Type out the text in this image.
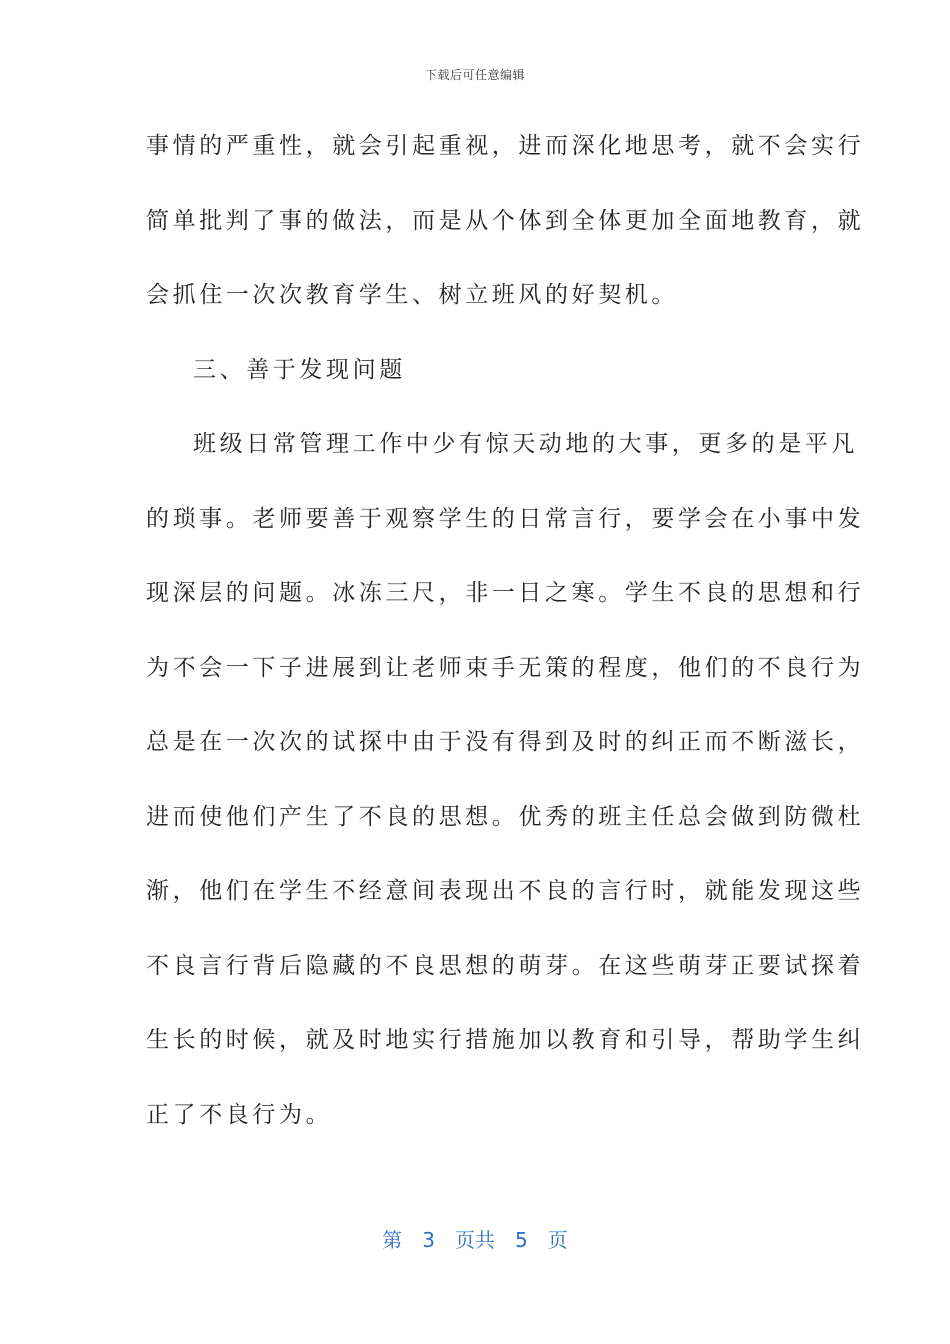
下载后可任意编辑
事情的严重性，就会引起重视，进而深化地思考，就不会实行
简单批判了事的做法，而是从个体到全体更加全面地教育，就
会抓住一次次教育学生、树立班风的好契机。
三、善于发现问题
班级日常管理工作中少有惊天动地的大事，更多的是平凡
的琐事。老师要善于观察学生的日常言行，要学会在小事中发
现深层的问题。冰冻三尺，非一日之寒。学生不良的思想和行
为不会一下子进展到让老师束手无策的程度，他们的不良行为
总是在一次次的试探中由于没有得到及时的纠正而不断滋长，
进而使他们产生了不良的思想。优秀的班主任总会做到防微杜
渐，他们在学生不经意间表现出不良的言行时，就能发现这些
不良言行背后隐藏的不良思想的萌芽。在这些萌芽正要试探着
生长的时候，就及时地实行措施加以教育和引导，帮助学生纠
正了不良行为。
第 3 页共 5 页
